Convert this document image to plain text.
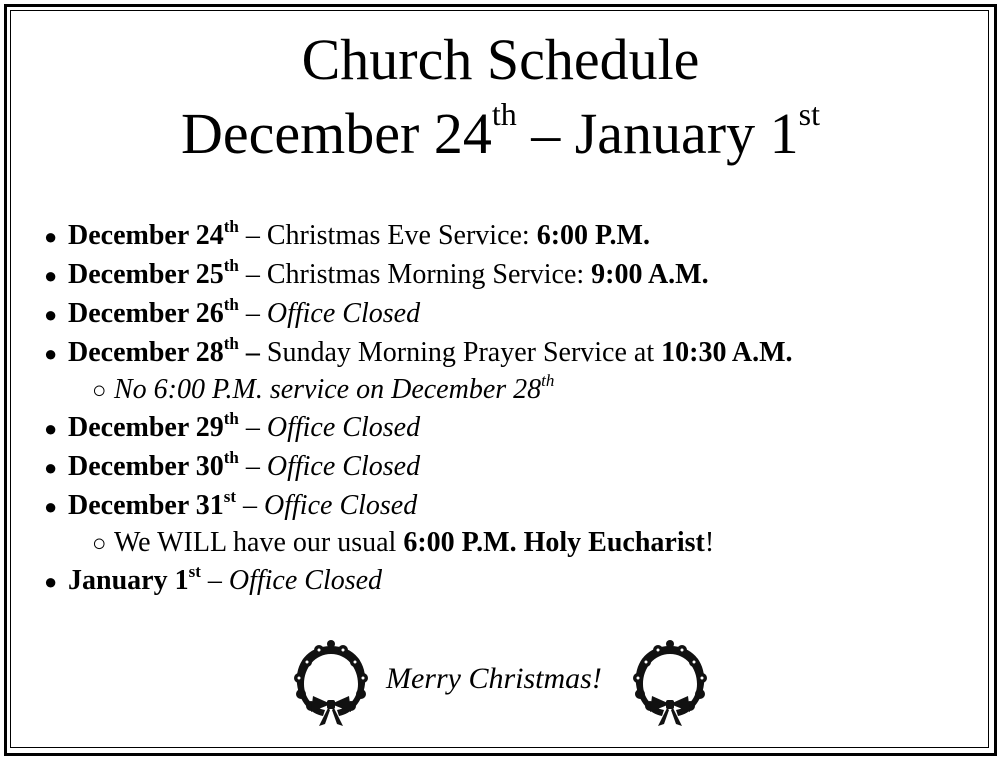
Church Schedule
December 24th – January 1st
● December 24th – Christmas Eve Service: 6:00 P.M.
● December 25th – Christmas Morning Service: 9:00 A.M.
● December 26th – Office Closed
● December 28th – Sunday Morning Prayer Service at 10:30 A.M.
○ No 6:00 P.M. service on December 28th
● December 29th – Office Closed
● December 30th – Office Closed
● December 31st – Office Closed
○ We WILL have our usual 6:00 P.M. Holy Eucharist!
● January 1st – Office Closed
Merry Christmas!
